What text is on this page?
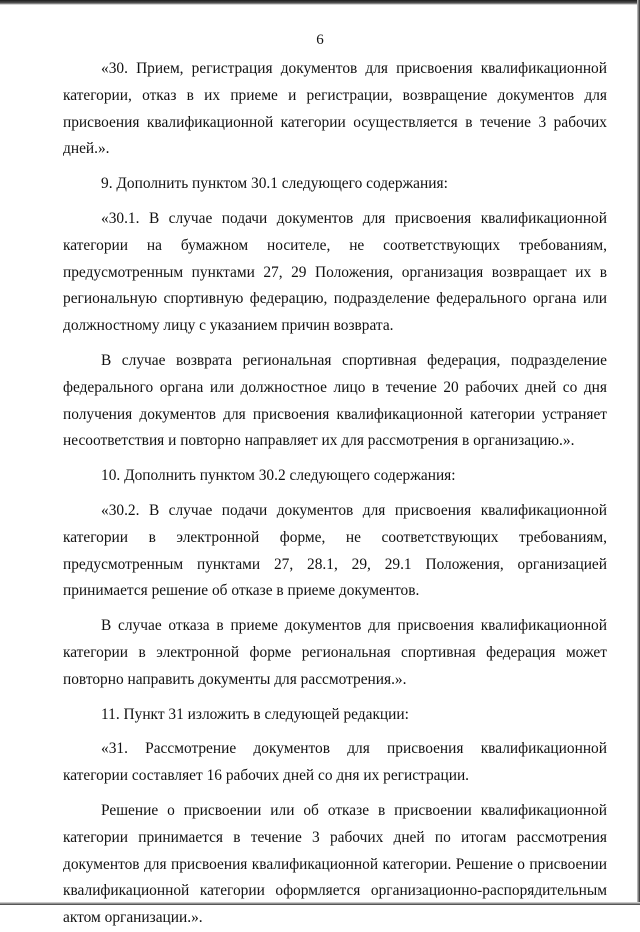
6

«30. Прием, регистрация документов для присвоения квалификационной категории, отказ в их приеме и регистрации, возвращение документов для присвоения квалификационной категории осуществляется в течение 3 рабочих дней.».

9. Дополнить пунктом 30.1 следующего содержания:

«30.1. В случае подачи документов для присвоения квалификационной категории на бумажном носителе, не соответствующих требованиям, предусмотренным пунктами 27, 29 Положения, организация возвращает их в региональную спортивную федерацию, подразделение федерального органа или должностному лицу с указанием причин возврата.

В случае возврата региональная спортивная федерация, подразделение федерального органа или должностное лицо в течение 20 рабочих дней со дня получения документов для присвоения квалификационной категории устраняет несоответствия и повторно направляет их для рассмотрения в организацию.».

10. Дополнить пунктом 30.2 следующего содержания:

«30.2. В случае подачи документов для присвоения квалификационной категории в электронной форме, не соответствующих требованиям, предусмотренным пунктами 27, 28.1, 29, 29.1 Положения, организацией принимается решение об отказе в приеме документов.

В случае отказа в приеме документов для присвоения квалификационной категории в электронной форме региональная спортивная федерация может повторно направить документы для рассмотрения.».

11. Пункт 31 изложить в следующей редакции:

«31. Рассмотрение документов для присвоения квалификационной категории составляет 16 рабочих дней со дня их регистрации.

Решение о присвоении или об отказе в присвоении квалификационной категории принимается в течение 3 рабочих дней по итогам рассмотрения документов для присвоения квалификационной категории. Решение о присвоении квалификационной категории оформляется организационно-распорядительным актом организации.».
